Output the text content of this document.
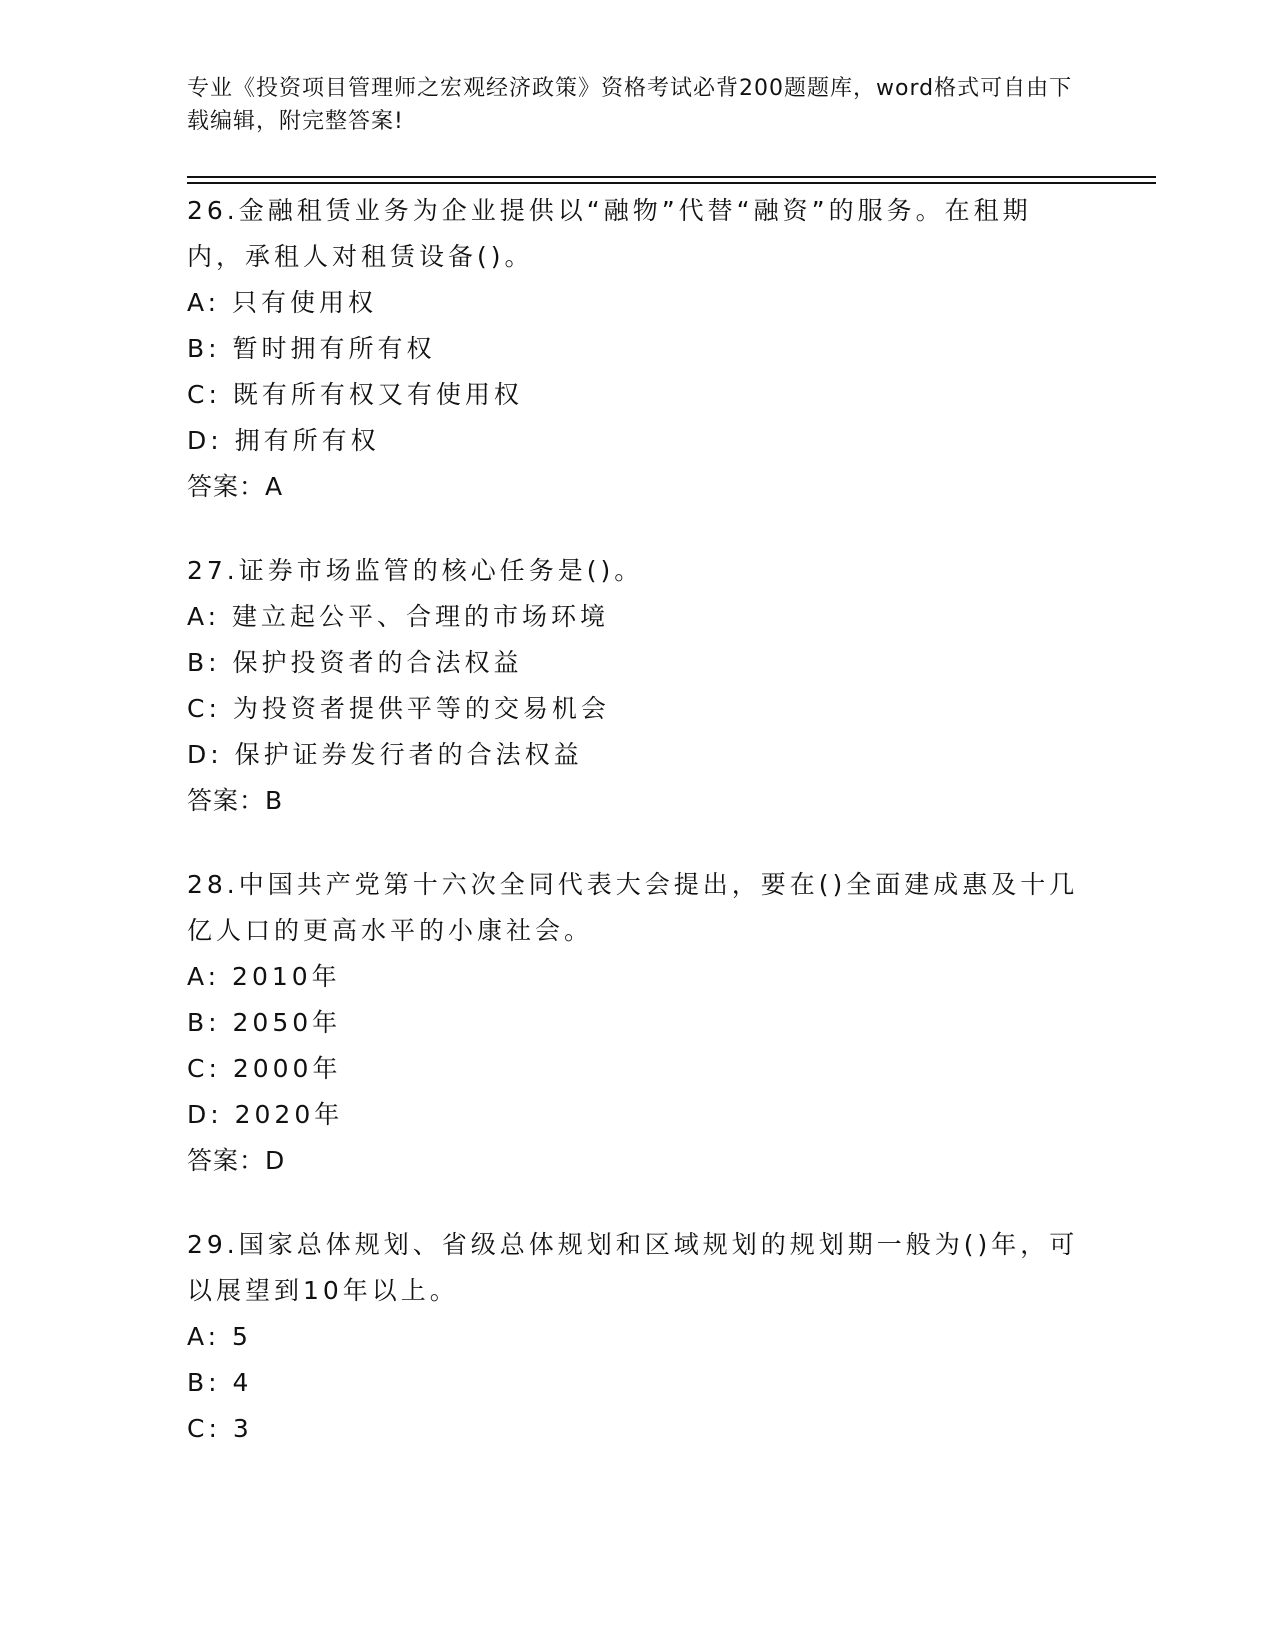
专业《投资项目管理师之宏观经济政策》资格考试必背200题题库，word格式可自由下载编辑，附完整答案!

26.金融租赁业务为企业提供以“融物”代替“融资”的服务。在租期内，承租人对租赁设备()。

A: 只有使用权

B: 暂时拥有所有权

C: 既有所有权又有使用权

D: 拥有所有权

答案：A

27.证券市场监管的核心任务是()。

A: 建立起公平、合理的市场环境

B: 保护投资者的合法权益

C: 为投资者提供平等的交易机会

D: 保护证券发行者的合法权益

答案：B

28.中国共产党第十六次全同代表大会提出，要在()全面建成惠及十几亿人口的更高水平的小康社会。

A: 2010年

B: 2050年

C: 2000年

D: 2020年

答案：D

29.国家总体规划、省级总体规划和区域规划的规划期一般为()年，可以展望到10年以上。

A: 5

B: 4

C: 3
